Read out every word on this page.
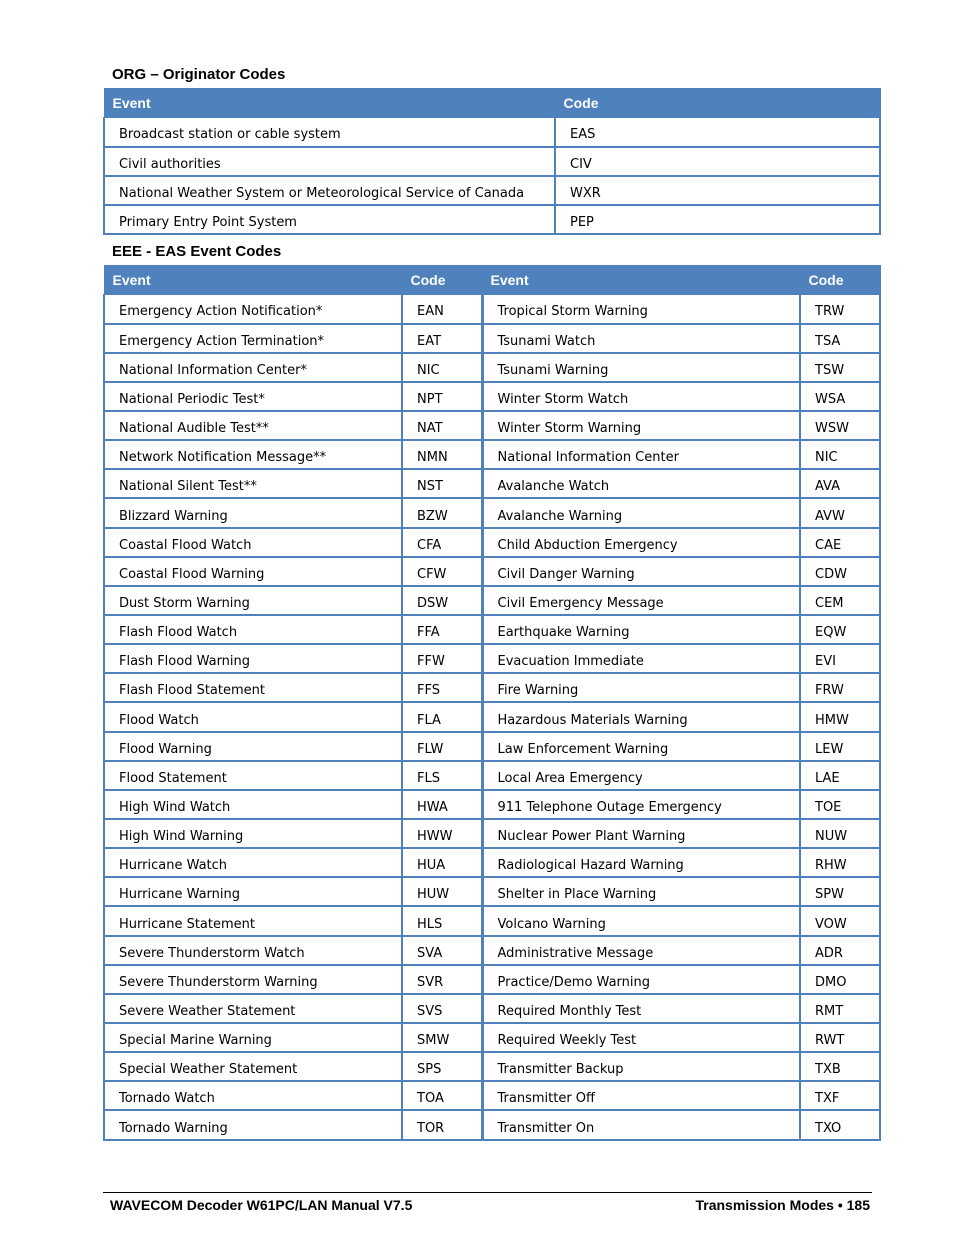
ORG – Originator Codes
Event	Code
Broadcast station or cable system	EAS
Civil authorities	CIV
National Weather System or Meteorological Service of Canada	WXR
Primary Entry Point System	PEP
EEE - EAS Event Codes
Event	Code	Event	Code
Emergency Action Notification*	EAN	Tropical Storm Warning	TRW
Emergency Action Termination*	EAT	Tsunami Watch	TSA
National Information Center*	NIC	Tsunami Warning	TSW
National Periodic Test*	NPT	Winter Storm Watch	WSA
National Audible Test**	NAT	Winter Storm Warning	WSW
Network Notification Message**	NMN	National Information Center	NIC
National Silent Test**	NST	Avalanche Watch	AVA
Blizzard Warning	BZW	Avalanche Warning	AVW
Coastal Flood Watch	CFA	Child Abduction Emergency	CAE
Coastal Flood Warning	CFW	Civil Danger Warning	CDW
Dust Storm Warning	DSW	Civil Emergency Message	CEM
Flash Flood Watch	FFA	Earthquake Warning	EQW
Flash Flood Warning	FFW	Evacuation Immediate	EVI
Flash Flood Statement	FFS	Fire Warning	FRW
Flood Watch	FLA	Hazardous Materials Warning	HMW
Flood Warning	FLW	Law Enforcement Warning	LEW
Flood Statement	FLS	Local Area Emergency	LAE
High Wind Watch	HWA	911 Telephone Outage Emergency	TOE
High Wind Warning	HWW	Nuclear Power Plant Warning	NUW
Hurricane Watch	HUA	Radiological Hazard Warning	RHW
Hurricane Warning	HUW	Shelter in Place Warning	SPW
Hurricane Statement	HLS	Volcano Warning	VOW
Severe Thunderstorm Watch	SVA	Administrative Message	ADR
Severe Thunderstorm Warning	SVR	Practice/Demo Warning	DMO
Severe Weather Statement	SVS	Required Monthly Test	RMT
Special Marine Warning	SMW	Required Weekly Test	RWT
Special Weather Statement	SPS	Transmitter Backup	TXB
Tornado Watch	TOA	Transmitter Off	TXF
Tornado Warning	TOR	Transmitter On	TXO
WAVECOM Decoder W61PC/LAN Manual V7.5	Transmission Modes • 185
